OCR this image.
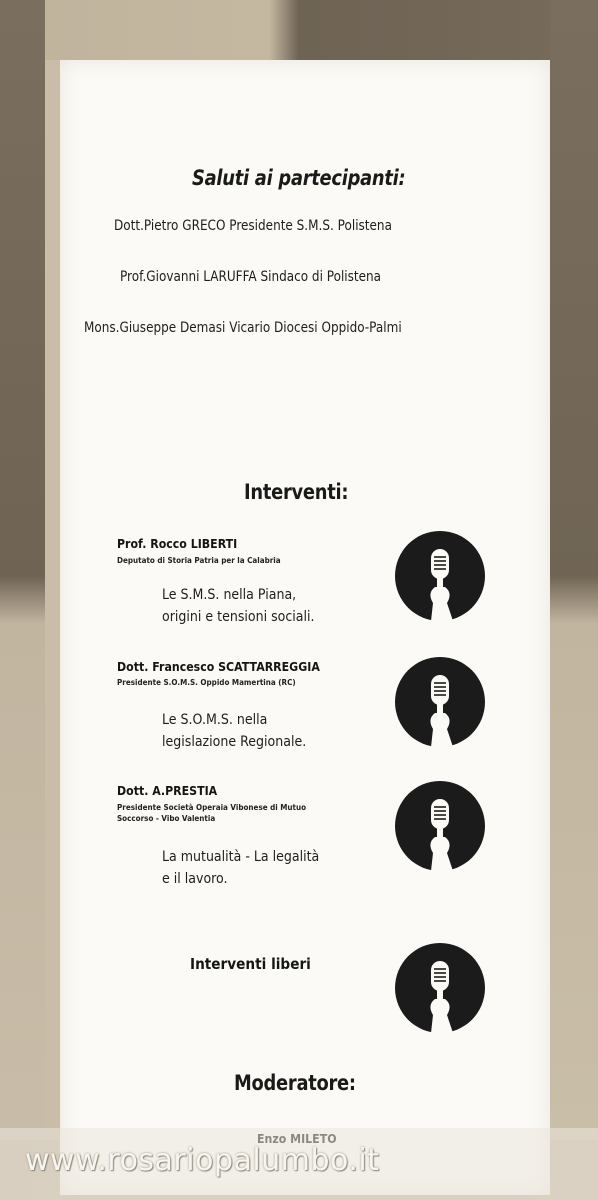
Saluti ai partecipanti:
Dott.Pietro GRECO Presidente S.M.S. Polistena
Prof.Giovanni LARUFFA Sindaco di Polistena
Mons.Giuseppe Demasi Vicario Diocesi Oppido-Palmi
Interventi:
Prof. Rocco LIBERTI
Deputato di Storia Patria per la Calabria
Le S.M.S. nella Piana,
origini e tensioni sociali.
Dott. Francesco SCATTARREGGIA
Presidente S.O.M.S. Oppido Mamertina (RC)
Le S.O.M.S. nella
legislazione Regionale.
Dott. A.PRESTIA
Presidente Società Operaia Vibonese di Mutuo
Soccorso - Vibo Valentia
La mutualità - La legalità
e il lavoro.
Interventi liberi
Moderatore:
www.rosariopalumbo.it
